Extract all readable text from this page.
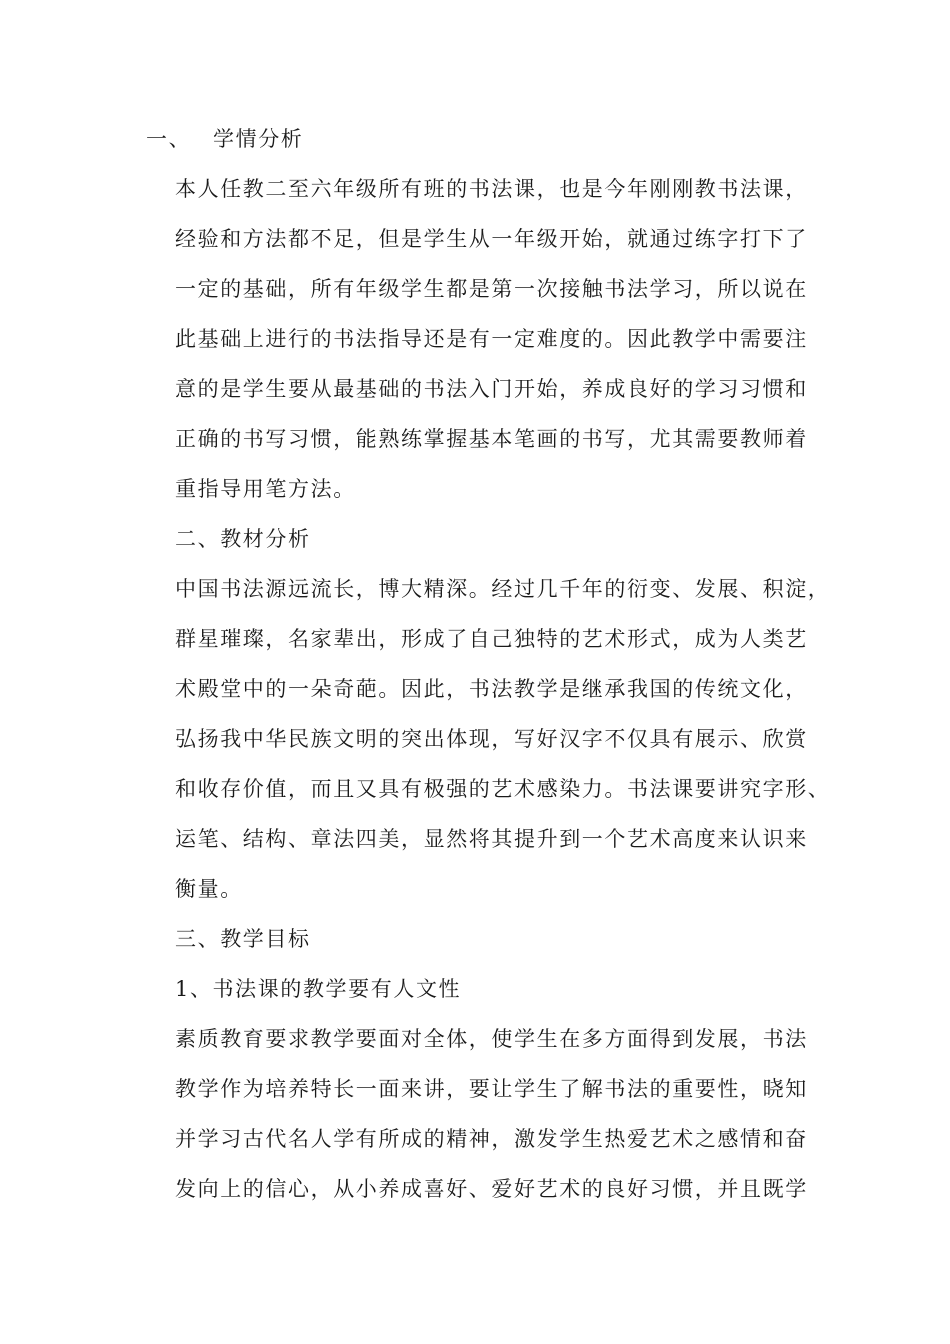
一、 学情分析
本人任教二至六年级所有班的书法课，也是今年刚刚教书法课，
经验和方法都不足，但是学生从一年级开始，就通过练字打下了
一定的基础，所有年级学生都是第一次接触书法学习，所以说在
此基础上进行的书法指导还是有一定难度的。因此教学中需要注
意的是学生要从最基础的书法入门开始，养成良好的学习习惯和
正确的书写习惯，能熟练掌握基本笔画的书写，尤其需要教师着
重指导用笔方法。
二、教材分析
中国书法源远流长，博大精深。经过几千年的衍变、发展、积淀，
群星璀璨，名家辈出，形成了自己独特的艺术形式，成为人类艺
术殿堂中的一朵奇葩。因此，书法教学是继承我国的传统文化，
弘扬我中华民族文明的突出体现，写好汉字不仅具有展示、欣赏
和收存价值，而且又具有极强的艺术感染力。书法课要讲究字形、
运笔、结构、章法四美，显然将其提升到一个艺术高度来认识来
衡量。
三、教学目标
1、书法课的教学要有人文性
素质教育要求教学要面对全体，使学生在多方面得到发展，书法
教学作为培养特长一面来讲，要让学生了解书法的重要性，晓知
并学习古代名人学有所成的精神，激发学生热爱艺术之感情和奋
发向上的信心，从小养成喜好、爱好艺术的良好习惯，并且既学
